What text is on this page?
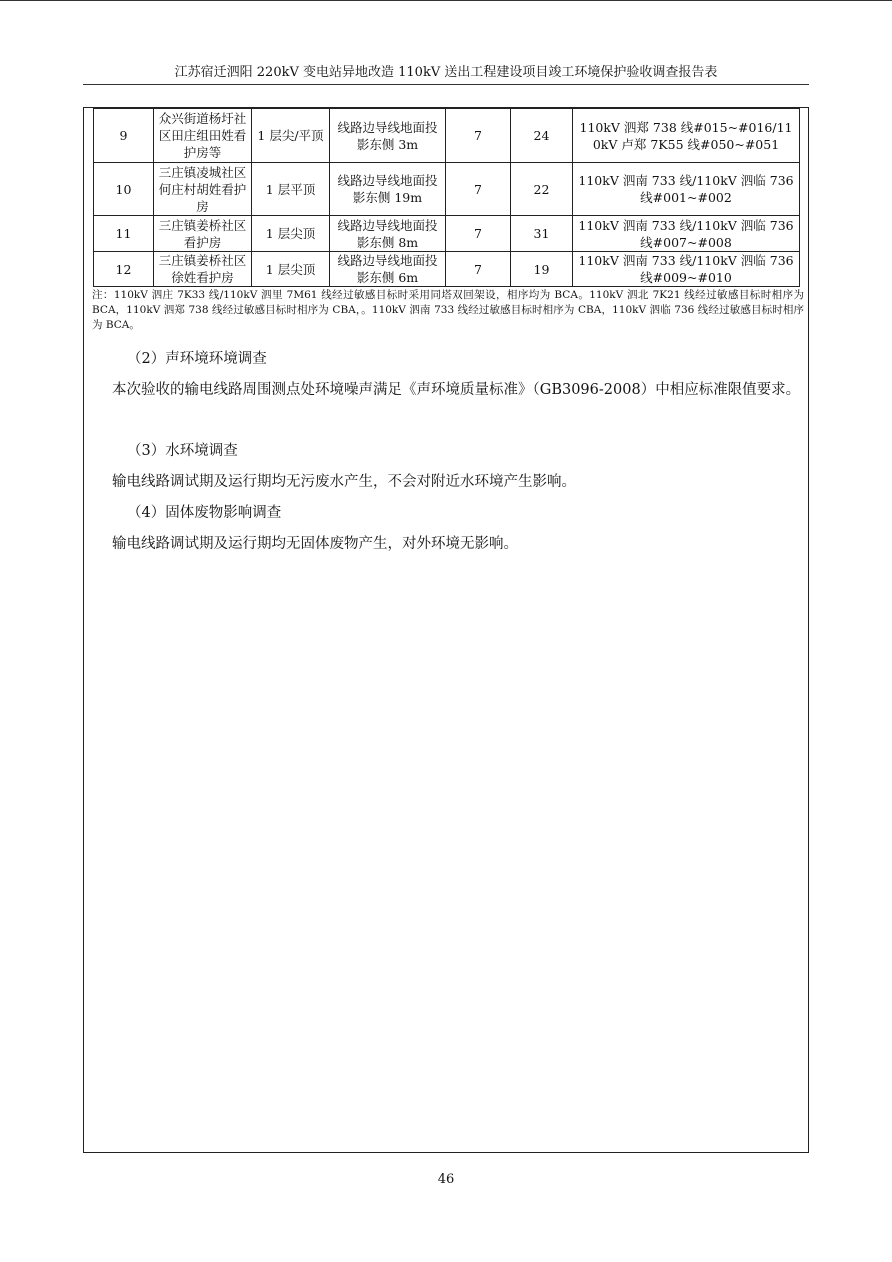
江苏宿迁泗阳 220kV 变电站异地改造 110kV 送出工程建设项目竣工环境保护验收调查报告表
9	众兴街道杨圩社区田庄组田姓看护房等	1 层尖/平顶	线路边导线地面投影东侧 3m	7	24	110kV 泗郑 738 线#015~#016/110kV 卢郑 7K55 线#050~#051
10	三庄镇凌城社区何庄村胡姓看护房	1 层平顶	线路边导线地面投影东侧 19m	7	22	110kV 泗南 733 线/110kV 泗临 736 线#001~#002
11	三庄镇姜桥社区看护房	1 层尖顶	线路边导线地面投影东侧 8m	7	31	110kV 泗南 733 线/110kV 泗临 736 线#007~#008
12	三庄镇姜桥社区徐姓看护房	1 层尖顶	线路边导线地面投影东侧 6m	7	19	110kV 泗南 733 线/110kV 泗临 736 线#009~#010
注：110kV 泗庄 7K33 线/110kV 泗里 7M61 线经过敏感目标时采用同塔双回架设，相序均为 BCA。110kV 泗北 7K21 线经过敏感目标时相序为 BCA，110kV 泗郑 738 线经过敏感目标时相序为 CBA，。110kV 泗南 733 线经过敏感目标时相序为 CBA，110kV 泗临 736 线经过敏感目标时相序为 BCA。
（2）声环境环境调查
本次验收的输电线路周围测点处环境噪声满足《声环境质量标准》（GB3096-2008）中相应标准限值要求。
（3）水环境调查
输电线路调试期及运行期均无污废水产生，不会对附近水环境产生影响。
（4）固体废物影响调查
输电线路调试期及运行期均无固体废物产生，对外环境无影响。
46
